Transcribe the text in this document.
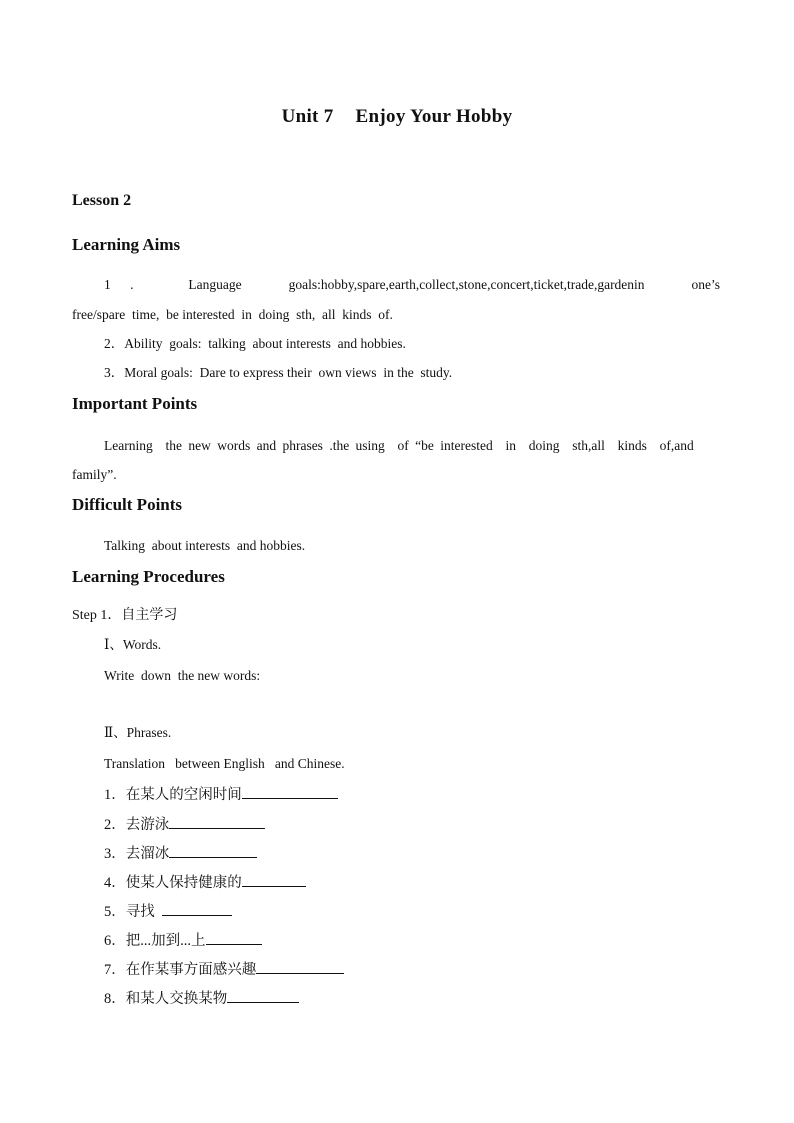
Unit 7 Enjoy Your Hobby
Lesson 2
Learning Aims
1 .	Language	goals:hobby,spare,earth,collect,stone,concert,ticket,trade,gardenin	one’s
free/spare  time,  be interested  in  doing  sth,  all  kinds  of.
2．Ability  goals:  talking  about interests  and hobbies.
3．Moral goals:  Dare to express their  own views  in the  study.
Important Points
Learning  the new words and phrases .the using  of “be interested  in  doing  sth,all  kinds  of,and
family”.
Difficult Points
Talking  about interests  and hobbies.
Learning Procedures
Step 1．自主学习
Ⅰ、Words.
Write  down  the new words:
Ⅱ、Phrases.
Translation   between English   and Chinese.
1．在某人的空闲时间
2．去游泳
3．去溜冰
4．使某人保持健康的
5．寻找
6．把...加到...上
7．在作某事方面感兴趣
8．和某人交换某物
